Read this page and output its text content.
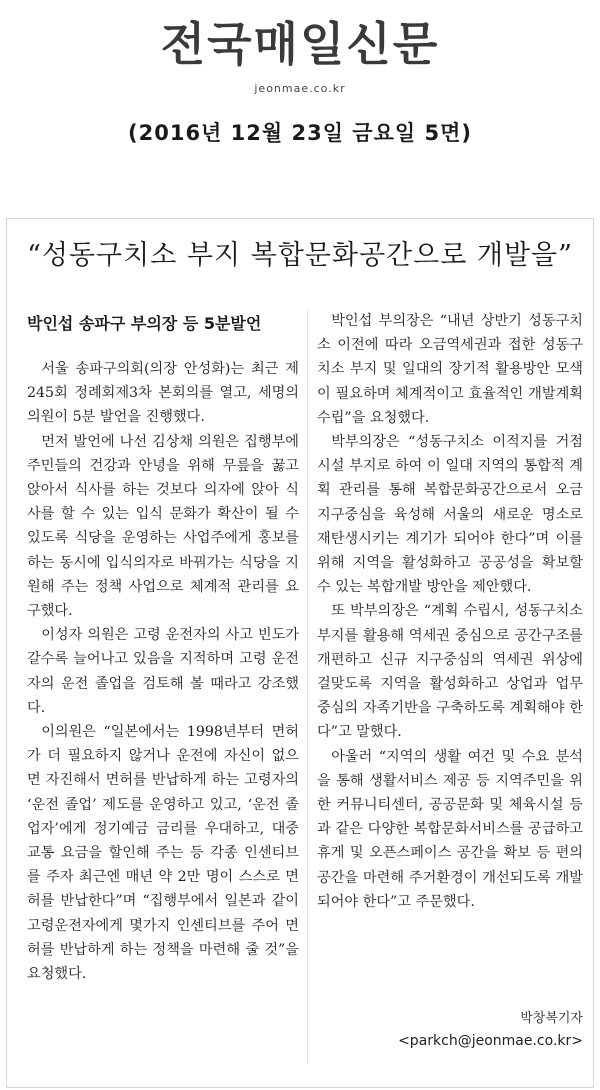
전국매일신문
jeonmae.co.kr
(2016년 12월 23일 금요일 5면)
“성동구치소 부지 복합문화공간으로 개발을”
박인섭 송파구 부의장 등 5분발언

서울 송파구의회(의장 안성화)는 최근 제245회 정례회제3차 본회의를 열고, 세명의 의원이 5분 발언을 진행했다.

먼저 발언에 나선 김상채 의원은 집행부에 주민들의 건강과 안녕을 위해 무릎을 꿇고 앉아서 식사를 하는 것보다 의자에 앉아 식사를 할 수 있는 입식 문화가 확산이 될 수 있도록 식당을 운영하는 사업주에게 홍보를 하는 동시에 입식의자로 바꿔가는 식당을 지원해 주는 정책 사업으로 체계적 관리를 요구했다.

이성자 의원은 고령 운전자의 사고 빈도가 갈수록 늘어나고 있음을 지적하며 고령 운전자의 운전 졸업을 검토해 볼 때라고 강조했다.

이의원은 “일본에서는 1998년부터 면허가 더 필요하지 않거나 운전에 자신이 없으면 자진해서 면허를 반납하게 하는 고령자의 ‘운전 졸업’ 제도를 운영하고 있고, ‘운전 졸업자’에게 정기예금 금리를 우대하고, 대중교통 요금을 할인해 주는 등 각종 인센티브를 주자 최근엔 매년 약 2만 명이 스스로 면허를 반납한다”며 “집행부에서 일본과 같이 고령운전자에게 몇가지 인센티브를 주어 면허를 반납하게 하는 정책을 마련해 줄 것”을 요청했다.

박인섭 부의장은 “내년 상반기 성동구치소 이전에 따라 오금역세권과 접한 성동구치소 부지 및 일대의 장기적 활용방안 모색이 필요하며 체계적이고 효율적인 개발계획 수립”을 요청했다.

박부의장은 “성동구치소 이적지를 거점시설 부지로 하여 이 일대 지역의 통합적 계획 관리를 통해 복합문화공간으로서 오금 지구중심을 육성해 서울의 새로운 명소로 재탄생시키는 계기가 되어야 한다”며 이를 위해 지역을 활성화하고 공공성을 확보할 수 있는 복합개발 방안을 제안했다.

또 박부의장은 “계획 수립시, 성동구치소 부지를 활용해 역세권 중심으로 공간구조를 개편하고 신규 지구중심의 역세권 위상에 걸맞도록 지역을 활성화하고 상업과 업무 중심의 자족기반을 구축하도록 계획해야 한다”고 말했다.

아울러 “지역의 생활 여건 및 수요 분석을 통해 생활서비스 제공 등 지역주민을 위한 커뮤니티센터, 공공문화 및 체육시설 등과 같은 다양한 복합문화서비스를 공급하고 휴게 및 오픈스페이스 공간을 확보 등 편의공간을 마련해 주거환경이 개선되도록 개발되어야 한다”고 주문했다.

박창복기자
<parkch@jeonmae.co.kr>
